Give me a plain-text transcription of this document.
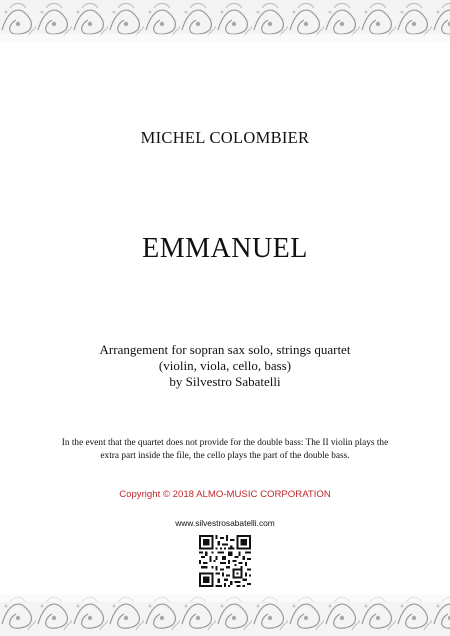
MICHEL COLOMBIER
EMMANUEL
Arrangement for sopran sax solo, strings quartet
(violin, viola, cello, bass)
by Silvestro Sabatelli
In the event that the quartet does not provide for the double bass: The II violin plays the
extra part inside the file, the cello plays the part of the double bass.
Copyright © 2018 ALMO-MUSIC CORPORATION
www.silvestrosabatelli.com
